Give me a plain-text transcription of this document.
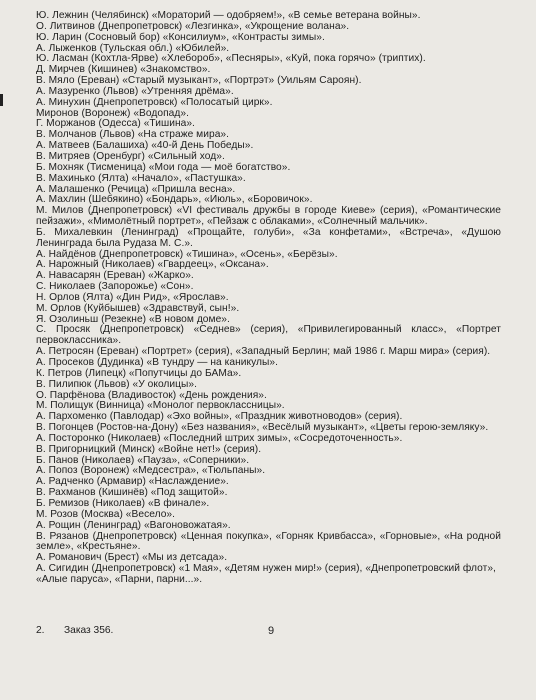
Ю. Лежнин (Челябинск) «Мораторий — одобряем!», «В семье ветерана войны».
О. Литвинов (Днепропетровск) «Лезгинка», «Укрощение волана».
Ю. Ларин (Сосновый бор) «Консилиум», «Контрасты зимы».
А. Лыженков (Тульская обл.) «Юбилей».
Ю. Ласман (Кохтла-Ярве) «Хлебороб», «Песняры», «Куй, пока горячо» (триптих).
Д. Мирчев (Кишинев) «Знакомство».
В. Мяло (Ереван) «Старый музыкант», «Портрэт» (Уильям Сароян).
А. Мазуренко (Львов) «Утренняя дрёма».
А. Минухин (Днепропетровск) «Полосатый цирк».
Миронов (Воронеж) «Водопад».
Г. Моржанов (Одесса) «Тишина».
В. Молчанов (Львов) «На страже мира».
А. Матвеев (Балашиха) «40-й День Победы».
В. Митряев (Оренбург) «Сильный ход».
Б. Мохняк (Тисменица) «Мои года — моё богатство».
В. Махинько (Ялта) «Начало», «Пастушка».
А. Малашенко (Речица) «Пришла весна».
А. Махлин (Шебякино) «Бондарь», «Июль», «Боровичок».
М. Милов (Днепропетровск) «VI фестиваль дружбы в городе Киеве» (серия), «Романтические пейзажи», «Мимолётный портрет», «Пейзаж с облаками», «Солнечный мальчик».
Б. Михалевкин (Ленинград) «Прощайте, голуби», «За конфетами», «Встреча», «Душою Ленинграда была Рудаза М. С.».
А. Найдёнов (Днепропетровск) «Тишина», «Осень», «Берёзы».
А. Нарожный (Николаев) «Гвардеец», «Оксана».
А. Навасарян (Ереван) «Жарко».
С. Николаев (Запорожье) «Сон».
Н. Орлов (Ялта) «Дин Рид», «Ярослав».
М. Орлов (Куйбышев) «Здравствуй, сын!».
Я. Озолиньш (Резекне) «В новом доме».
С. Просяк (Днепропетровск) «Седнев» (серия), «Привилегированный класс», «Портрет первоклассника».
А. Петросян (Ереван) «Портрет» (серия), «Западный Берлин; май 1986 г. Марш мира» (серия).
А. Просеков (Дудинка) «В тундру — на каникулы».
К. Петров (Липецк) «Попутчицы до БАМа».
В. Пилипюк (Львов) «У околицы».
О. Парфёнова (Владивосток) «День рождения».
М. Полищук (Винница) «Монолог первоклассницы».
А. Пархоменко (Павлодар) «Эхо войны», «Праздник животноводов» (серия).
В. Погонцев (Ростов-на-Дону) «Без названия», «Весёлый музыкант», «Цветы герою-земляку».
А. Посторонко (Николаев) «Последний штрих зимы», «Сосредоточенность».
В. Пригорницкий (Минск) «Войне нет!» (серия).
Б. Панов (Николаев) «Пауза», «Соперники».
А. Попоз (Воронеж) «Медсестра», «Тюльпаны».
А. Радченко (Армавир) «Наслаждение».
В. Рахманов (Кишинёв) «Под защитой».
Б. Ремизов (Николаев) «В финале».
М. Розов (Москва) «Весело».
А. Рощин (Ленинград) «Вагоновожатая».
В. Рязанов (Днепропетровск) «Ценная покупка», «Горняк Кривбасса», «Горновые», «На родной земле», «Крестьяне».
А. Романович (Брест) «Мы из детсада».
А. Сигидин (Днепропетровск) «1 Мая», «Детям нужен мир!» (серия), «Днепропетровский флот», «Алые паруса», «Парни, парни...».
2. Заказ 356.	9
